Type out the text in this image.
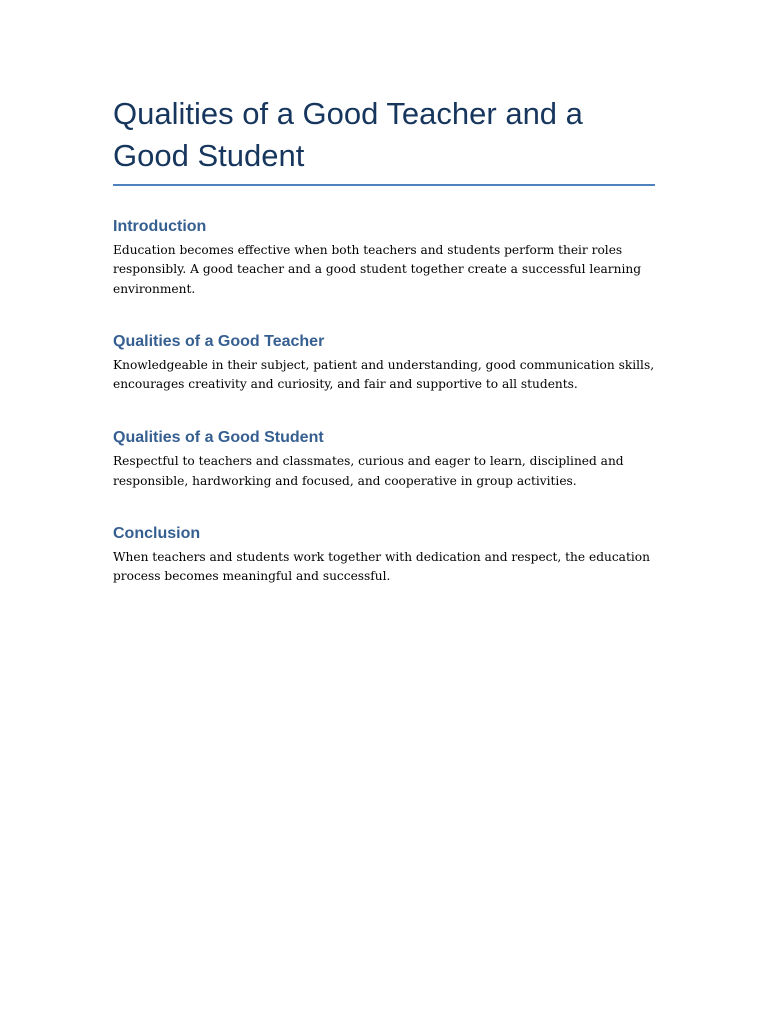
Qualities of a Good Teacher and a Good Student
Introduction

Education becomes effective when both teachers and students perform their roles responsibly. A good teacher and a good student together create a successful learning environment.

Qualities of a Good Teacher

Knowledgeable in their subject, patient and understanding, good communication skills, encourages creativity and curiosity, and fair and supportive to all students.

Qualities of a Good Student

Respectful to teachers and classmates, curious and eager to learn, disciplined and responsible, hardworking and focused, and cooperative in group activities.

Conclusion

When teachers and students work together with dedication and respect, the education process becomes meaningful and successful.
